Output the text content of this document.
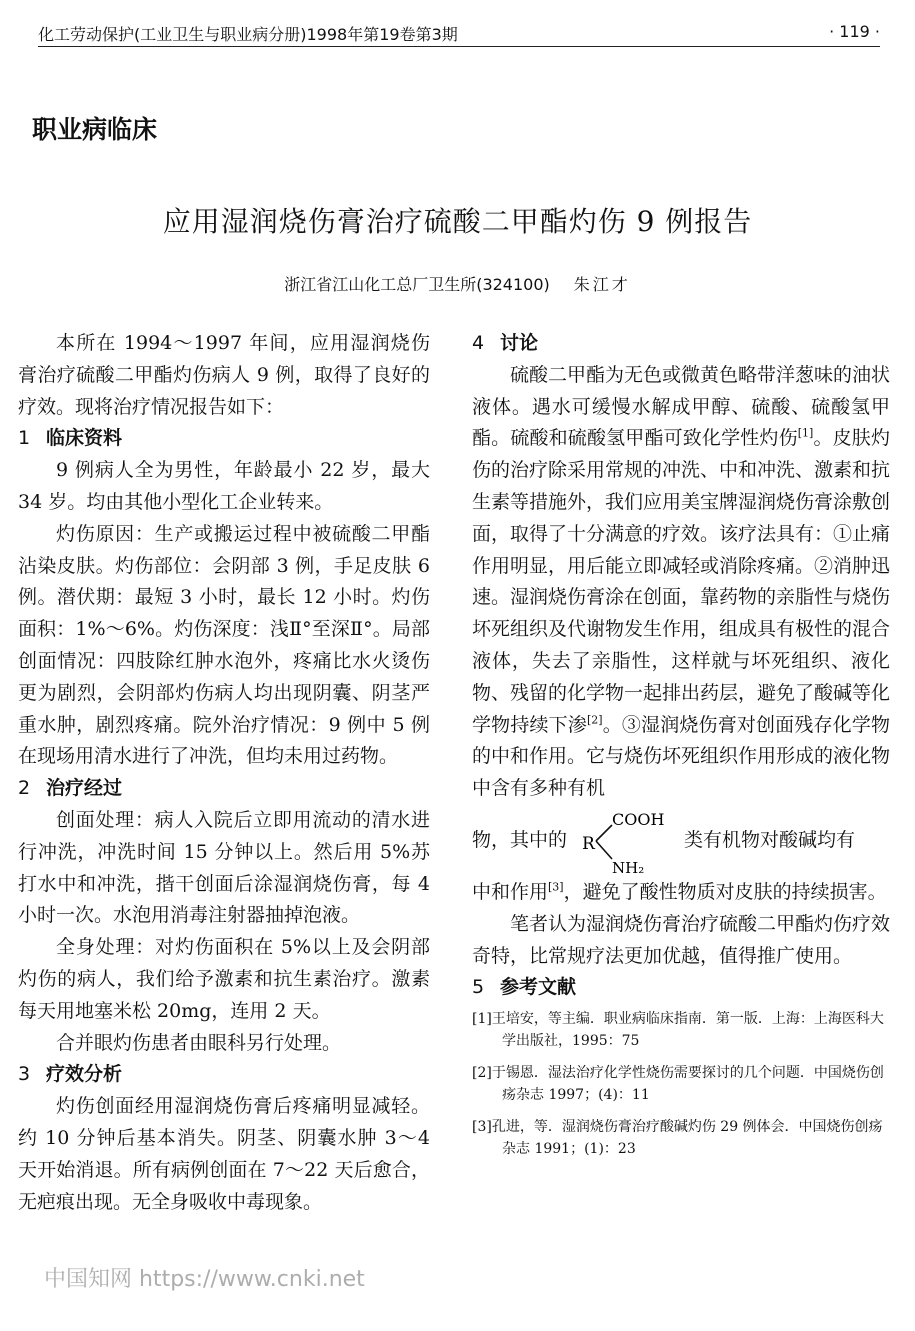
化工劳动保护(工业卫生与职业病分册)1998年第19卷第3期	· 119 ·
职业病临床
应用湿润烧伤膏治疗硫酸二甲酯灼伤 9 例报告
浙江省江山化工总厂卫生所(324100) 朱江才

本所在 1994～1997 年间，应用湿润烧伤膏治疗硫酸二甲酯灼伤病人 9 例，取得了良好的疗效。现将治疗情况报告如下：

1 临床资料

9 例病人全为男性，年龄最小 22 岁，最大 34 岁。均由其他小型化工企业转来。

灼伤原因：生产或搬运过程中被硫酸二甲酯沾染皮肤。灼伤部位：会阴部 3 例，手足皮肤 6 例。潜伏期：最短 3 小时，最长 12 小时。灼伤面积：1%～6%。灼伤深度：浅Ⅱ°至深Ⅱ°。局部创面情况：四肢除红肿水泡外，疼痛比水火烫伤更为剧烈，会阴部灼伤病人均出现阴囊、阴茎严重水肿，剧烈疼痛。院外治疗情况：9 例中 5 例在现场用清水进行了冲洗，但均未用过药物。

2 治疗经过

创面处理：病人入院后立即用流动的清水进行冲洗，冲洗时间 15 分钟以上。然后用 5%苏打水中和冲洗，揩干创面后涂湿润烧伤膏，每 4 小时一次。水泡用消毒注射器抽掉泡液。

全身处理：对灼伤面积在 5%以上及会阴部灼伤的病人，我们给予激素和抗生素治疗。激素每天用地塞米松 20mg，连用 2 天。

合并眼灼伤患者由眼科另行处理。

3 疗效分析

灼伤创面经用湿润烧伤膏后疼痛明显减轻。约 10 分钟后基本消失。阴茎、阴囊水肿 3～4 天开始消退。所有病例创面在 7～22 天后愈合，无疤痕出现。无全身吸收中毒现象。

4 讨论

硫酸二甲酯为无色或微黄色略带洋葱味的油状液体。遇水可缓慢水解成甲醇、硫酸、硫酸氢甲酯。硫酸和硫酸氢甲酯可致化学性灼伤[1]。皮肤灼伤的治疗除采用常规的冲洗、中和冲洗、激素和抗生素等措施外，我们应用美宝牌湿润烧伤膏涂敷创面，取得了十分满意的疗效。该疗法具有：①止痛作用明显，用后能立即减轻或消除疼痛。②消肿迅速。湿润烧伤膏涂在创面，靠药物的亲脂性与烧伤坏死组织及代谢物发生作用，组成具有极性的混合液体，失去了亲脂性，这样就与坏死组织、液化物、残留的化学物一起排出药层，避免了酸碱等化学物持续下渗[2]。③湿润烧伤膏对创面残存化学物的中和作用。它与烧伤坏死组织作用形成的液化物中含有多种有机

物，其中的 R
COOH
NH₂
类有机物对酸碱均有

中和作用[3]，避免了酸性物质对皮肤的持续损害。

笔者认为湿润烧伤膏治疗硫酸二甲酯灼伤疗效奇特，比常规疗法更加优越，值得推广使用。

5 参考文献
[1]王培安，等主编．职业病临床指南．第一版．上海：上海医科大学出版社，1995：75
[2]于锡恩．湿法治疗化学性烧伤需要探讨的几个问题．中国烧伤创疡杂志 1997；(4)：11
[3]孔进，等．湿润烧伤膏治疗酸碱灼伤 29 例体会．中国烧伤创疡杂志 1991；(1)：23
中国知网 https://www.cnki.net
